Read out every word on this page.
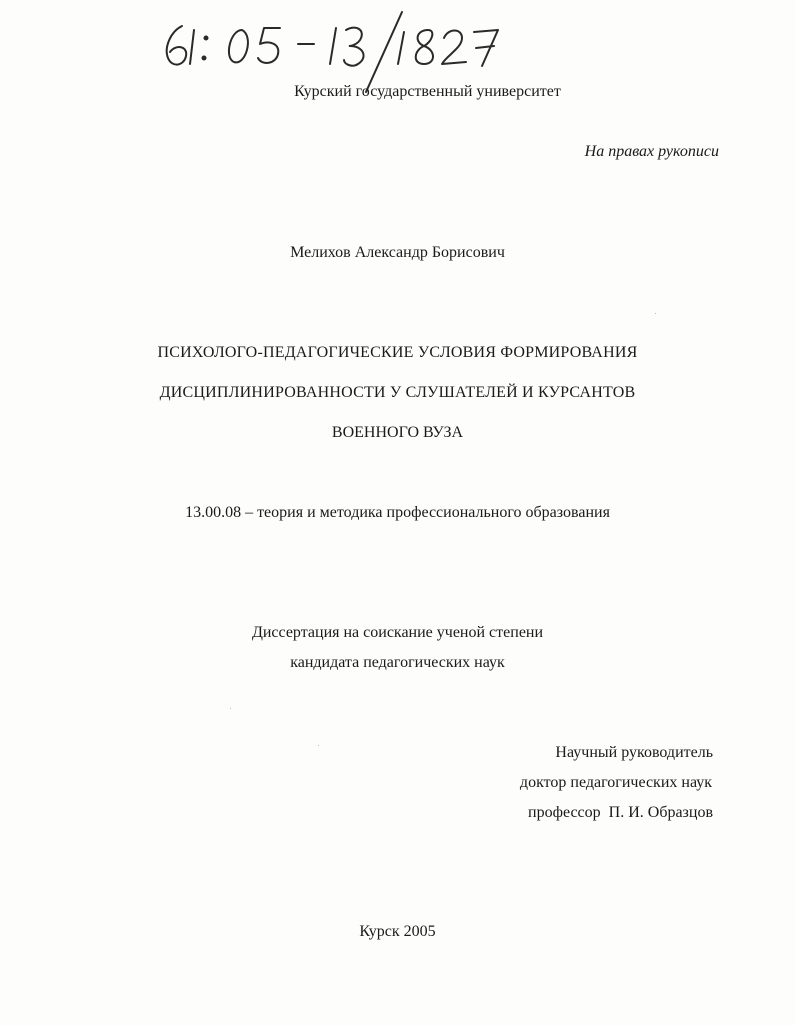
Курский государственный университет
На правах рукописи
Мелихов Александр Борисович
ПСИХОЛОГО-ПЕДАГОГИЧЕСКИЕ УСЛОВИЯ ФОРМИРОВАНИЯ
ДИСЦИПЛИНИРОВАННОСТИ У СЛУШАТЕЛЕЙ И КУРСАНТОВ
ВОЕННОГО ВУЗА
13.00.08 – теория и методика профессионального образования
Диссертация на соискание ученой степени
кандидата педагогических наук
Научный руководитель
доктор педагогических наук
профессор  П. И. Образцов
Курск 2005
